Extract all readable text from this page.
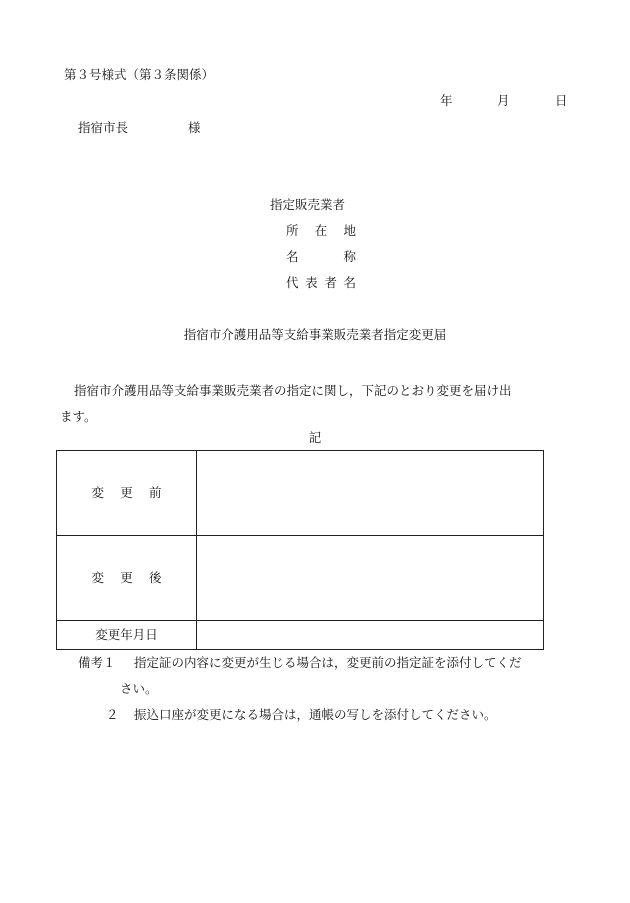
第３号様式（第３条関係）
年	月	日
指宿市長	様
指定販売業者
所 在 地
名	称
代 表 者 名
指宿市介護用品等支給事業販売業者指定変更届
指宿市介護用品等支給事業販売業者の指定に関し，下記のとおり変更を届け出
ます。
記
変 更 前	

変 更 後	

変更年月日	
備考１ 指定証の内容に変更が生じる場合は，変更前の指定証を添付してくだ
さい。
２ 振込口座が変更になる場合は，通帳の写しを添付してください。
